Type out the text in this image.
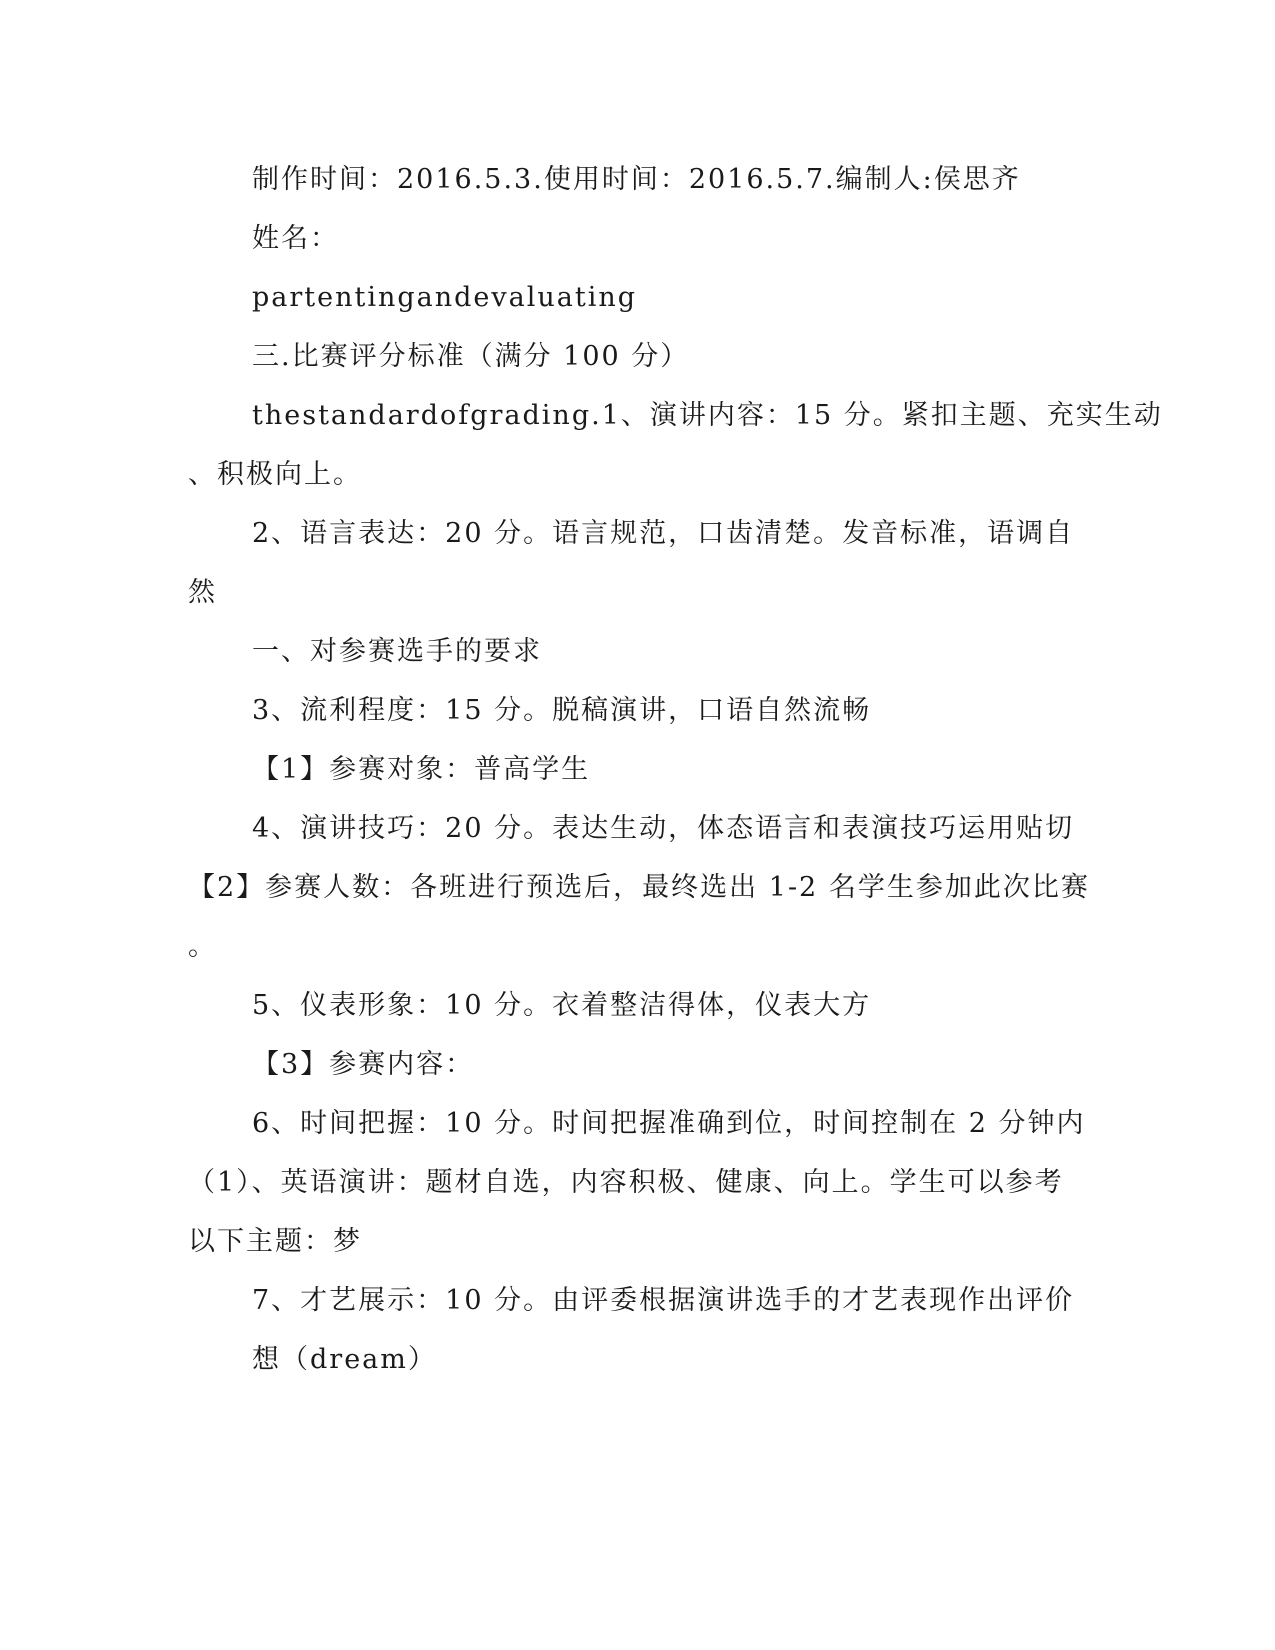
制作时间：2016.5.3.使用时间：2016.5.7.编制人:侯思齐

姓名：

partentingandevaluating

三.比赛评分标准（满分 100 分）

thestandardofgrading.1、演讲内容：15 分。紧扣主题、充实生动

、积极向上。

2、语言表达：20 分。语言规范，口齿清楚。发音标准，语调自

然

一、对参赛选手的要求

3、流利程度：15 分。脱稿演讲，口语自然流畅

【1】参赛对象：普高学生

4、演讲技巧：20 分。表达生动，体态语言和表演技巧运用贴切

【2】参赛人数：各班进行预选后，最终选出 1-2 名学生参加此次比赛

。

5、仪表形象：10 分。衣着整洁得体，仪表大方

【3】参赛内容：

6、时间把握：10 分。时间把握准确到位，时间控制在 2 分钟内

（1）、英语演讲：题材自选，内容积极、健康、向上。学生可以参考

以下主题：梦

7、才艺展示：10 分。由评委根据演讲选手的才艺表现作出评价

想（dream）
